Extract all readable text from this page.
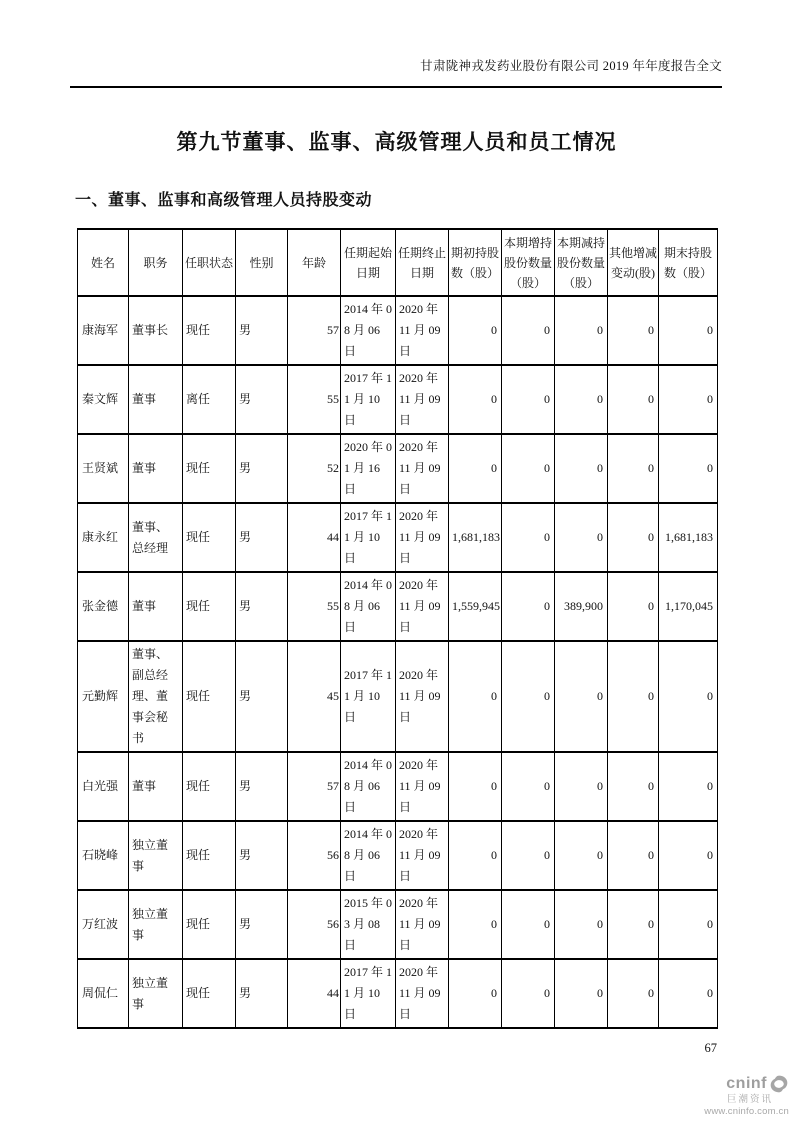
甘肃陇神戎发药业股份有限公司 2019 年年度报告全文
第九节董事、监事、高级管理人员和员工情况
一、董事、监事和高级管理人员持股变动
姓名	职务	任职状态	性别	年龄	任期起始日期	任期终止日期	期初持股数（股）	本期增持股份数量（股）	本期减持股份数量（股）	其他增减变动(股)	期末持股数（股）
康海军	董事长	现任	男	57	2014 年 08 月 06 日	2020 年 11 月 09 日	0	0	0	0	0
秦文辉	董事	离任	男	55	2017 年 11 月 10 日	2020 年 11 月 09 日	0	0	0	0	0
王贤斌	董事	现任	男	52	2020 年 01 月 16 日	2020 年 11 月 09 日	0	0	0	0	0
康永红	董事、总经理	现任	男	44	2017 年 11 月 10 日	2020 年 11 月 09 日	1,681,183	0	0	0	1,681,183
张金德	董事	现任	男	55	2014 年 08 月 06 日	2020 年 11 月 09 日	1,559,945	0	389,900	0	1,170,045
元勤辉	董事、副总经理、董事会秘书	现任	男	45	2017 年 11 月 10 日	2020 年 11 月 09 日	0	0	0	0	0
白光强	董事	现任	男	57	2014 年 08 月 06 日	2020 年 11 月 09 日	0	0	0	0	0
石晓峰	独立董事	现任	男	56	2014 年 08 月 06 日	2020 年 11 月 09 日	0	0	0	0	0
万红波	独立董事	现任	男	56	2015 年 03 月 08 日	2020 年 11 月 09 日	0	0	0	0	0
周侃仁	独立董事	现任	男	44	2017 年 11 月 10 日	2020 年 11 月 09 日	0	0	0	0	0
67
cninf
巨潮资讯
www.cninfo.com.cn
